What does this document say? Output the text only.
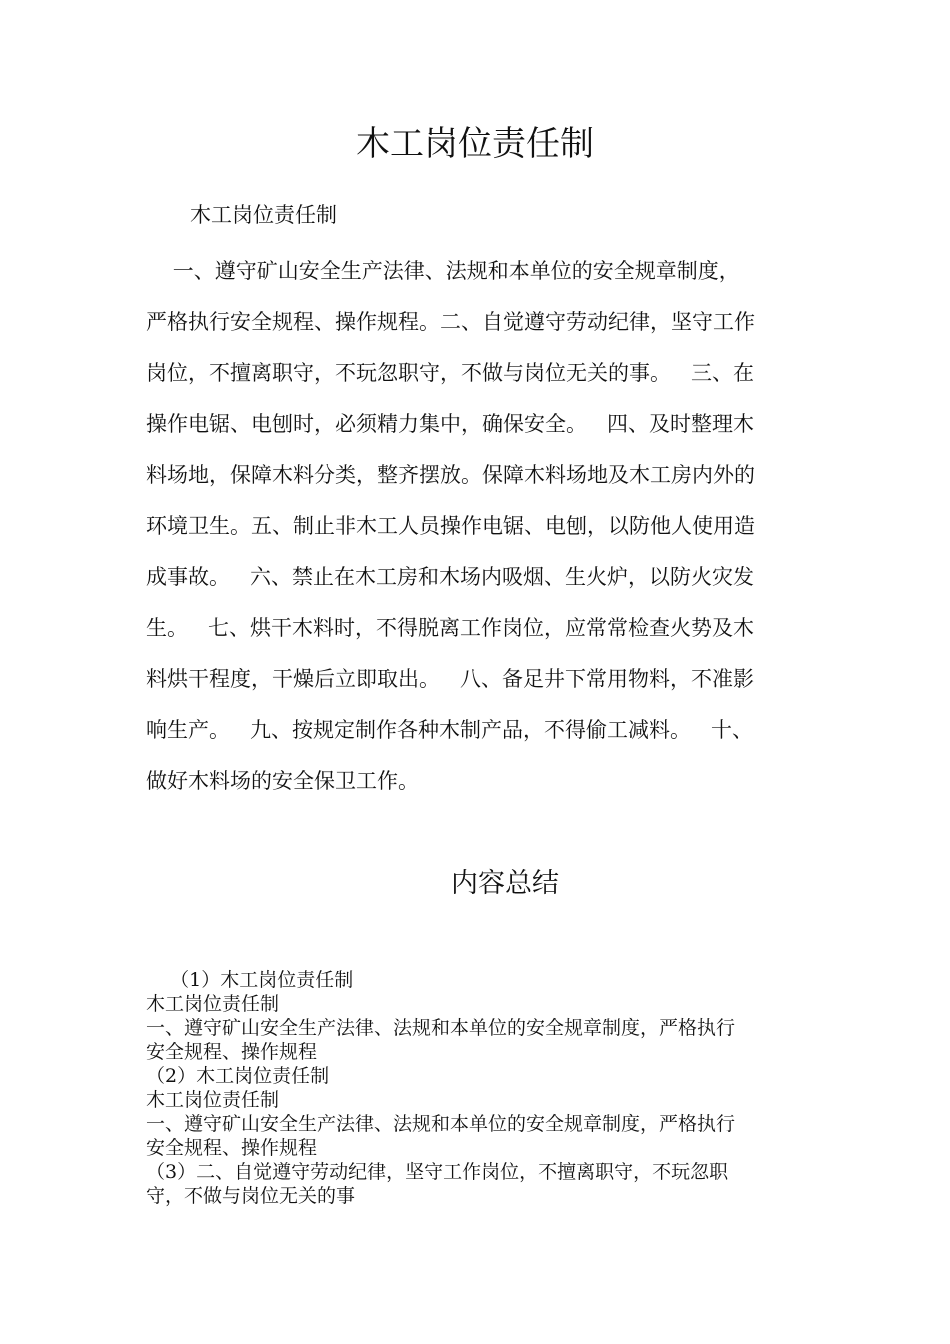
木工岗位责任制

木工岗位责任制

一、遵守矿山安全生产法律、法规和本单位的安全规章制度，
严格执行安全规程、操作规程。二、自觉遵守劳动纪律，坚守工作
岗位，不擅离职守，不玩忽职守，不做与岗位无关的事。   三、在
操作电锯、电刨时，必须精力集中，确保安全。   四、及时整理木
料场地，保障木料分类，整齐摆放。保障木料场地及木工房内外的
环境卫生。五、制止非木工人员操作电锯、电刨，以防他人使用造
成事故。   六、禁止在木工房和木场内吸烟、生火炉，以防火灾发
生。   七、烘干木料时，不得脱离工作岗位，应常常检查火势及木
料烘干程度，干燥后立即取出。   八、备足井下常用物料，不准影
响生产。   九、按规定制作各种木制产品，不得偷工减料。   十、
做好木料场的安全保卫工作。
内容总结
（1）木工岗位责任制
木工岗位责任制
一、遵守矿山安全生产法律、法规和本单位的安全规章制度，严格执行
安全规程、操作规程
（2）木工岗位责任制
木工岗位责任制
一、遵守矿山安全生产法律、法规和本单位的安全规章制度，严格执行
安全规程、操作规程
（3）二、自觉遵守劳动纪律，坚守工作岗位，不擅离职守，不玩忽职
守，不做与岗位无关的事
